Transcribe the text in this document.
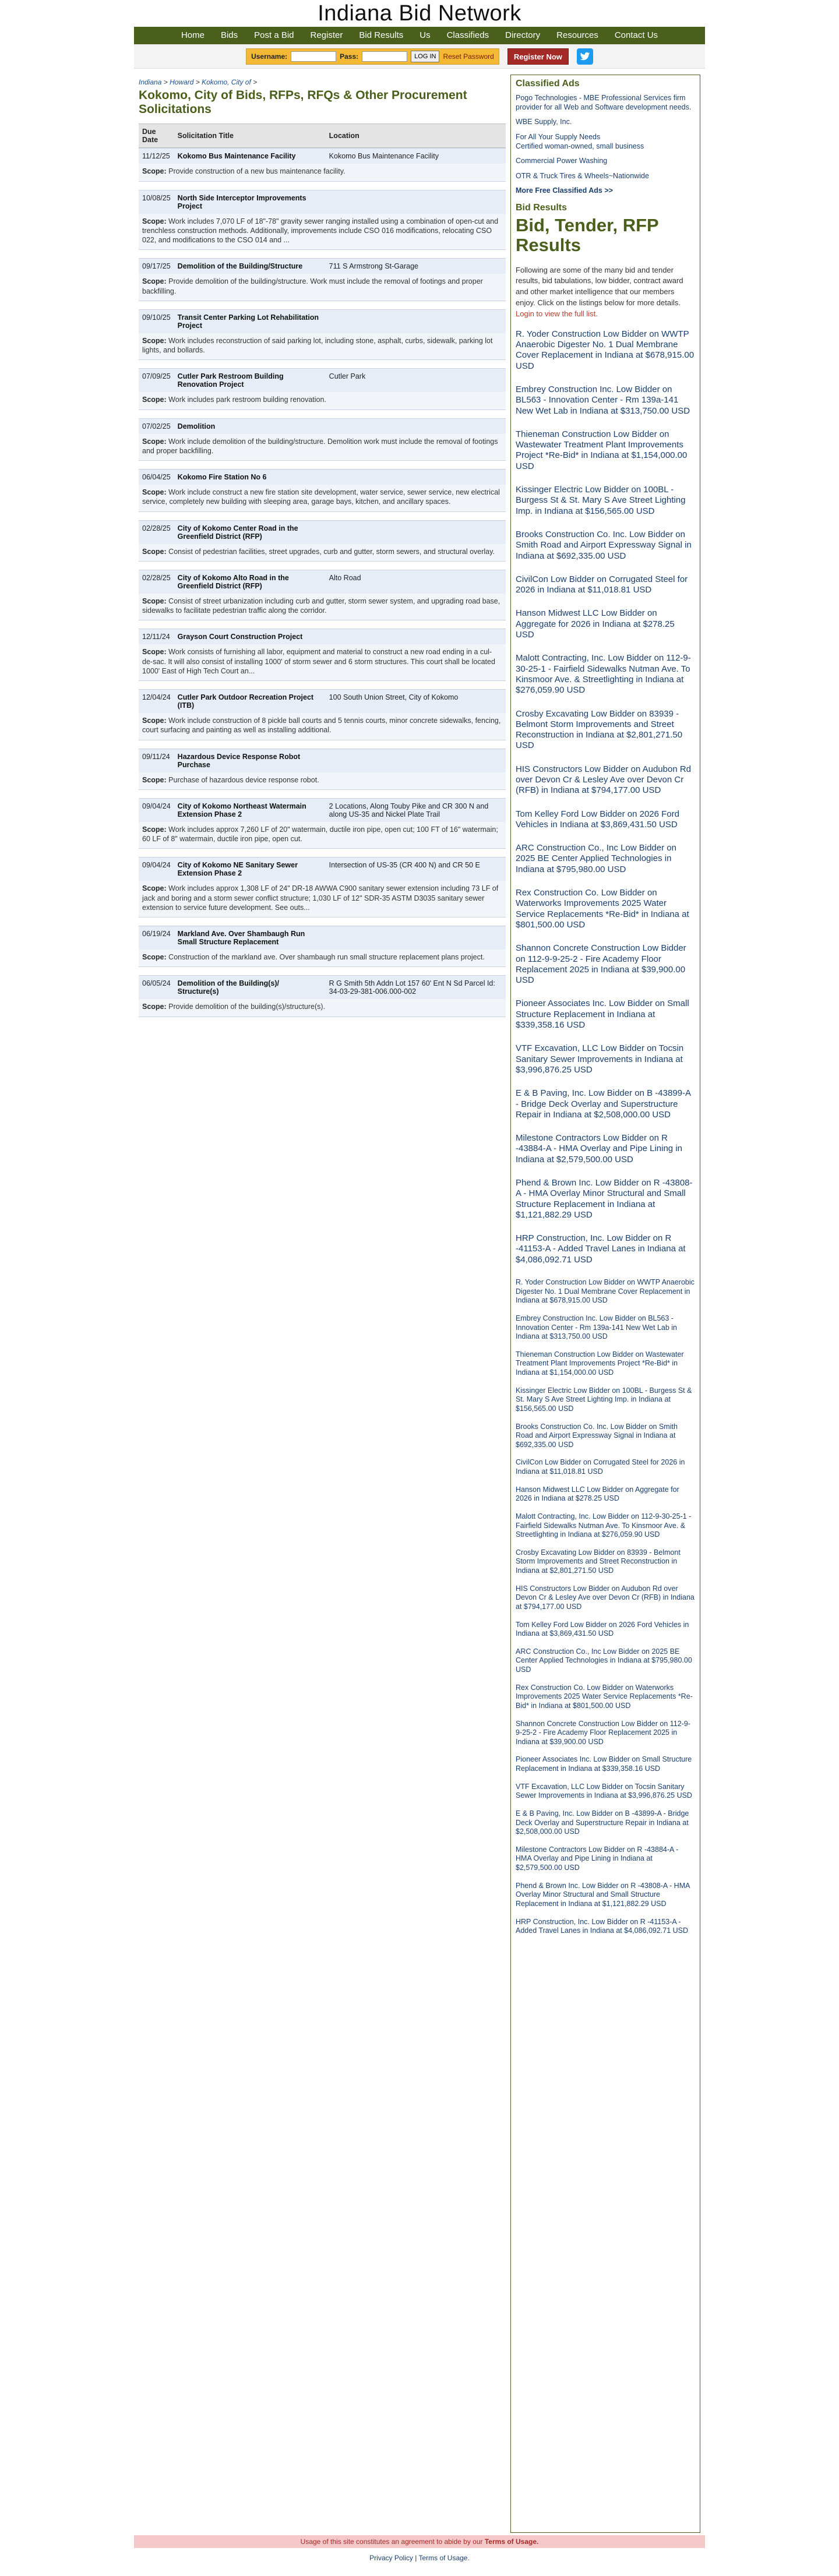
Indiana Bid Network
Home Bids Post a Bid Register Bid Results Us Classifieds Directory Resources Contact Us
Username:	Pass:	LOG IN	Reset Password	Register Now
Indiana > Howard > Kokomo, City of >
Kokomo, City of Bids, RFPs, RFQs & Other Procurement Solicitations
Due Date	Solicitation Title	Location
11/12/25	Kokomo Bus Maintenance Facility	Kokomo Bus Maintenance Facility
Scope: Provide construction of a new bus maintenance facility.		

10/08/25	North Side Interceptor Improvements Project	
Scope: Work includes 7,070 LF of 18"-78" gravity sewer ranging installed using a combination of open-cut and trenchless construction methods. Additionally, improvements include CSO 016 modifications, relocating CSO 022, and modifications to the CSO 014 and ...		

09/17/25	Demolition of the Building/Structure	711 S Armstrong St-Garage
Scope: Provide demolition of the building/structure. Work must include the removal of footings and proper backfilling.		

09/10/25	Transit Center Parking Lot Rehabilitation Project	
Scope: Work includes reconstruction of said parking lot, including stone, asphalt, curbs, sidewalk, parking lot lights, and bollards.		

07/09/25	Cutler Park Restroom Building Renovation Project	Cutler Park
Scope: Work includes park restroom building renovation.		

07/02/25	Demolition	
Scope: Work include demolition of the building/structure. Demolition work must include the removal of footings and proper backfilling.		

06/04/25	Kokomo Fire Station No 6	
Scope: Work include construct a new fire station site development, water service, sewer service, new electrical service, completely new building with sleeping area, garage bays, kitchen, and ancillary spaces.		

02/28/25	City of Kokomo Center Road in the Greenfield District (RFP)	
Scope: Consist of pedestrian facilities, street upgrades, curb and gutter, storm sewers, and structural overlay.		

02/28/25	City of Kokomo Alto Road in the Greenfield District (RFP)	Alto Road
Scope: Consist of street urbanization including curb and gutter, storm sewer system, and upgrading road base, sidewalks to facilitate pedestrian traffic along the corridor.		

12/11/24	Grayson Court Construction Project	
Scope: Work consists of furnishing all labor, equipment and material to construct a new road ending in a cul-de-sac. It will also consist of installing 1000' of storm sewer and 6 storm structures. This court shall be located 1000' East of High Tech Court an...		

12/04/24	Cutler Park Outdoor Recreation Project (ITB)	100 South Union Street, City of Kokomo
Scope: Work include construction of 8 pickle ball courts and 5 tennis courts, minor concrete sidewalks, fencing, court surfacing and painting as well as installing additional.		

09/11/24	Hazardous Device Response Robot Purchase	
Scope: Purchase of hazardous device response robot.		

09/04/24	City of Kokomo Northeast Watermain Extension Phase 2	2 Locations, Along Touby Pike and CR 300 N and along US-35 and Nickel Plate Trail
Scope: Work includes approx 7,260 LF of 20" watermain, ductile iron pipe, open cut; 100 FT of 16" watermain; 60 LF of 8" watermain, ductile iron pipe, open cut.		

09/04/24	City of Kokomo NE Sanitary Sewer Extension Phase 2	Intersection of US-35 (CR 400 N) and CR 50 E
Scope: Work includes approx 1,308 LF of 24" DR-18 AWWA C900 sanitary sewer extension including 73 LF of jack and boring and a storm sewer conflict structure; 1,030 LF of 12" SDR-35 ASTM D3035 sanitary sewer extension to service future development. See outs...		

06/19/24	Markland Ave. Over Shambaugh Run Small Structure Replacement	
Scope: Construction of the markland ave. Over shambaugh run small structure replacement plans project.		

06/05/24	Demolition of the Building(s)/ Structure(s)	R G Smith 5th Addn Lot 157 60' Ent N Sd Parcel Id: 34-03-29-381-006.000-002
Scope: Provide demolition of the building(s)/structure(s).		

Classified Ads
Pogo Technologies - MBE Professional Services firm provider for all Web and Software development needs.
WBE Supply, Inc.
For All Your Supply Needs
Certified woman-owned, small business
Commercial Power Washing
OTR & Truck Tires & Wheels~Nationwide
More Free Classified Ads >>
Bid Results
Bid, Tender, RFP Results
Following are some of the many bid and tender results, bid tabulations, low bidder, contract award and other market intelligence that our members enjoy. Click on the listings below for more details. Login to view the full list.
R. Yoder Construction Low Bidder on WWTP Anaerobic Digester No. 1 Dual Membrane Cover Replacement in Indiana at $678,915.00 USD
Embrey Construction Inc. Low Bidder on BL563 - Innovation Center - Rm 139a-141 New Wet Lab in Indiana at $313,750.00 USD
Thieneman Construction Low Bidder on Wastewater Treatment Plant Improvements Project *Re-Bid* in Indiana at $1,154,000.00 USD
Kissinger Electric Low Bidder on 100BL - Burgess St & St. Mary S Ave Street Lighting Imp. in Indiana at $156,565.00 USD
Brooks Construction Co. Inc. Low Bidder on Smith Road and Airport Expressway Signal in Indiana at $692,335.00 USD
CivilCon Low Bidder on Corrugated Steel for 2026 in Indiana at $11,018.81 USD
Hanson Midwest LLC Low Bidder on Aggregate for 2026 in Indiana at $278.25 USD
Malott Contracting, Inc. Low Bidder on 112-9-30-25-1 - Fairfield Sidewalks Nutman Ave. To Kinsmoor Ave. & Streetlighting in Indiana at $276,059.90 USD
Crosby Excavating Low Bidder on 83939 - Belmont Storm Improvements and Street Reconstruction in Indiana at $2,801,271.50 USD
HIS Constructors Low Bidder on Audubon Rd over Devon Cr & Lesley Ave over Devon Cr (RFB) in Indiana at $794,177.00 USD
Tom Kelley Ford Low Bidder on 2026 Ford Vehicles in Indiana at $3,869,431.50 USD
ARC Construction Co., Inc Low Bidder on 2025 BE Center Applied Technologies in Indiana at $795,980.00 USD
Rex Construction Co. Low Bidder on Waterworks Improvements 2025 Water Service Replacements *Re-Bid* in Indiana at $801,500.00 USD
Shannon Concrete Construction Low Bidder on 112-9-9-25-2 - Fire Academy Floor Replacement 2025 in Indiana at $39,900.00 USD
Pioneer Associates Inc. Low Bidder on Small Structure Replacement in Indiana at $339,358.16 USD
VTF Excavation, LLC Low Bidder on Tocsin Sanitary Sewer Improvements in Indiana at $3,996,876.25 USD
E & B Paving, Inc. Low Bidder on B -43899-A - Bridge Deck Overlay and Superstructure Repair in Indiana at $2,508,000.00 USD
Milestone Contractors Low Bidder on R -43884-A - HMA Overlay and Pipe Lining in Indiana at $2,579,500.00 USD
Phend & Brown Inc. Low Bidder on R -43808-A - HMA Overlay Minor Structural and Small Structure Replacement in Indiana at $1,121,882.29 USD
HRP Construction, Inc. Low Bidder on R -41153-A - Added Travel Lanes in Indiana at $4,086,092.71 USD
R. Yoder Construction Low Bidder on WWTP Anaerobic Digester No. 1 Dual Membrane Cover Replacement in Indiana at $678,915.00 USD
Embrey Construction Inc. Low Bidder on BL563 - Innovation Center - Rm 139a-141 New Wet Lab in Indiana at $313,750.00 USD
Thieneman Construction Low Bidder on Wastewater Treatment Plant Improvements Project *Re-Bid* in Indiana at $1,154,000.00 USD
Kissinger Electric Low Bidder on 100BL - Burgess St & St. Mary S Ave Street Lighting Imp. in Indiana at $156,565.00 USD
Brooks Construction Co. Inc. Low Bidder on Smith Road and Airport Expressway Signal in Indiana at $692,335.00 USD
CivilCon Low Bidder on Corrugated Steel for 2026 in Indiana at $11,018.81 USD
Hanson Midwest LLC Low Bidder on Aggregate for 2026 in Indiana at $278.25 USD
Malott Contracting, Inc. Low Bidder on 112-9-30-25-1 - Fairfield Sidewalks Nutman Ave. To Kinsmoor Ave. & Streetlighting in Indiana at $276,059.90 USD
Crosby Excavating Low Bidder on 83939 - Belmont Storm Improvements and Street Reconstruction in Indiana at $2,801,271.50 USD
HIS Constructors Low Bidder on Audubon Rd over Devon Cr & Lesley Ave over Devon Cr (RFB) in Indiana at $794,177.00 USD
Tom Kelley Ford Low Bidder on 2026 Ford Vehicles in Indiana at $3,869,431.50 USD
ARC Construction Co., Inc Low Bidder on 2025 BE Center Applied Technologies in Indiana at $795,980.00 USD
Rex Construction Co. Low Bidder on Waterworks Improvements 2025 Water Service Replacements *Re-Bid* in Indiana at $801,500.00 USD
Shannon Concrete Construction Low Bidder on 112-9-9-25-2 - Fire Academy Floor Replacement 2025 in Indiana at $39,900.00 USD
Pioneer Associates Inc. Low Bidder on Small Structure Replacement in Indiana at $339,358.16 USD
VTF Excavation, LLC Low Bidder on Tocsin Sanitary Sewer Improvements in Indiana at $3,996,876.25 USD
E & B Paving, Inc. Low Bidder on B -43899-A - Bridge Deck Overlay and Superstructure Repair in Indiana at $2,508,000.00 USD
Milestone Contractors Low Bidder on R -43884-A - HMA Overlay and Pipe Lining in Indiana at $2,579,500.00 USD
Phend & Brown Inc. Low Bidder on R -43808-A - HMA Overlay Minor Structural and Small Structure Replacement in Indiana at $1,121,882.29 USD
HRP Construction, Inc. Low Bidder on R -41153-A - Added Travel Lanes in Indiana at $4,086,092.71 USD
Usage of this site constitutes an agreement to abide by our Terms of Usage.
Privacy Policy | Terms of Usage.
